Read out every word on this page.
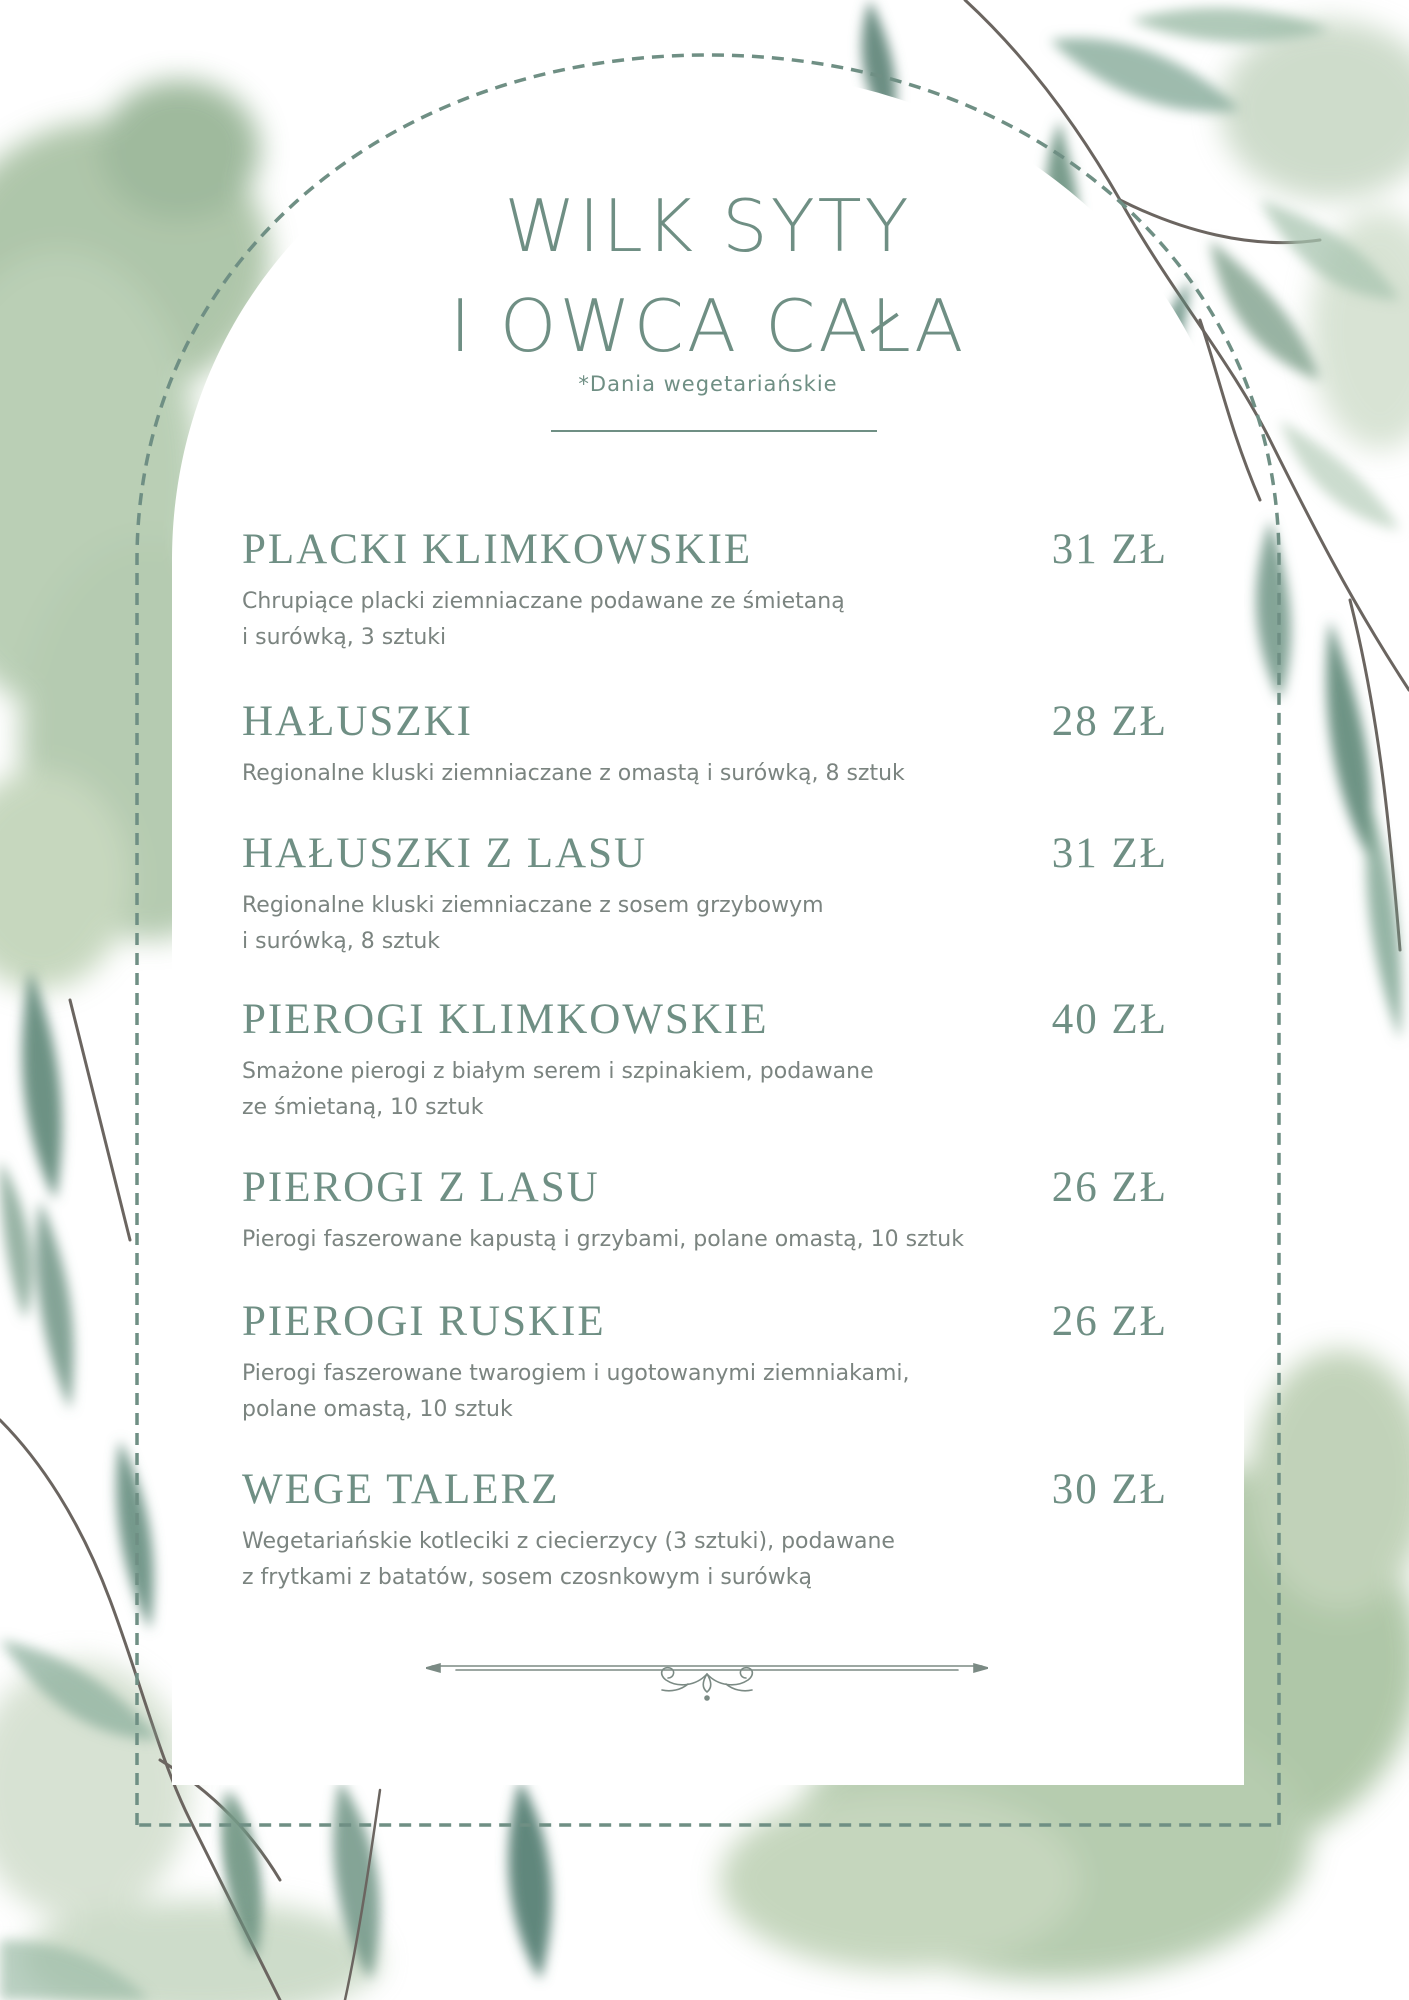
WILK SYTY
I OWCA CAŁA
*Dania wegetariańskie
PLACKI KLIMKOWSKIE	31 ZŁ
Chrupiące placki ziemniaczane podawane ze śmietaną
i surówką, 3 sztuki
HAŁUSZKI	28 ZŁ
Regionalne kluski ziemniaczane z omastą i surówką, 8 sztuk
HAŁUSZKI Z LASU	31 ZŁ
Regionalne kluski ziemniaczane z sosem grzybowym
i surówką, 8 sztuk
PIEROGI KLIMKOWSKIE	40 ZŁ
Smażone pierogi z białym serem i szpinakiem, podawane
ze śmietaną, 10 sztuk
PIEROGI Z LASU	26 ZŁ
Pierogi faszerowane kapustą i grzybami, polane omastą, 10 sztuk
PIEROGI RUSKIE	26 ZŁ
Pierogi faszerowane twarogiem i ugotowanymi ziemniakami,
polane omastą, 10 sztuk
WEGE TALERZ	30 ZŁ
Wegetariańskie kotleciki z ciecierzycy (3 sztuki), podawane
z frytkami z batatów, sosem czosnkowym i surówką
